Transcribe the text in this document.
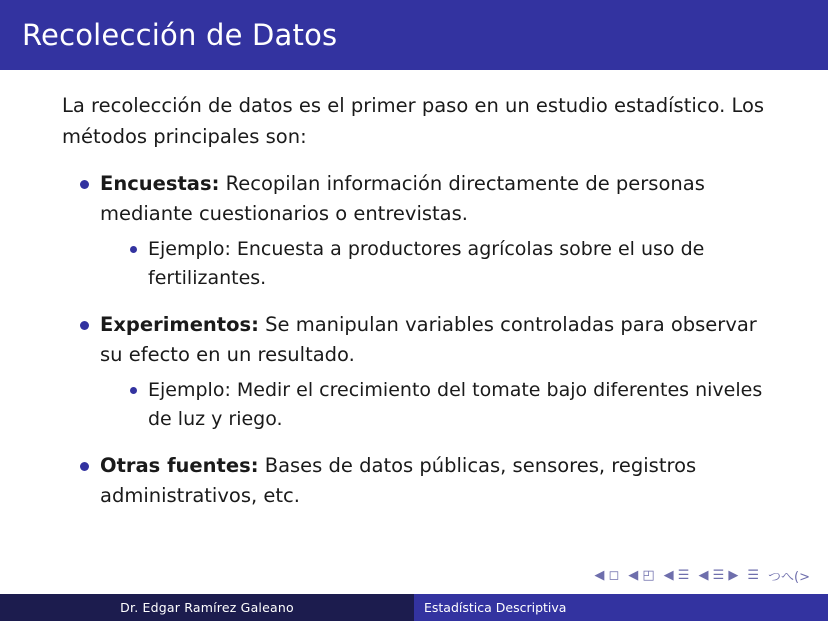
Recolección de Datos

La recolección de datos es el primer paso en un estudio estadístico. Los métodos principales son:

Encuestas: Recopilan información directamente de personas mediante cuestionarios o entrevistas.
Ejemplo: Encuesta a productores agrícolas sobre el uso de fertilizantes.
Experimentos: Se manipulan variables controladas para observar su efecto en un resultado.
Ejemplo: Medir el crecimiento del tomate bajo diferentes niveles de luz y riego.
Otras fuentes: Bases de datos públicas, sensores, registros administrativos, etc.
◀ ◻ ◀ ◰ ◀ ☰ ◀ ☰ ▶ ☰ つへ(>
Dr. Edgar Ramírez Galeano	Estadística Descriptiva
